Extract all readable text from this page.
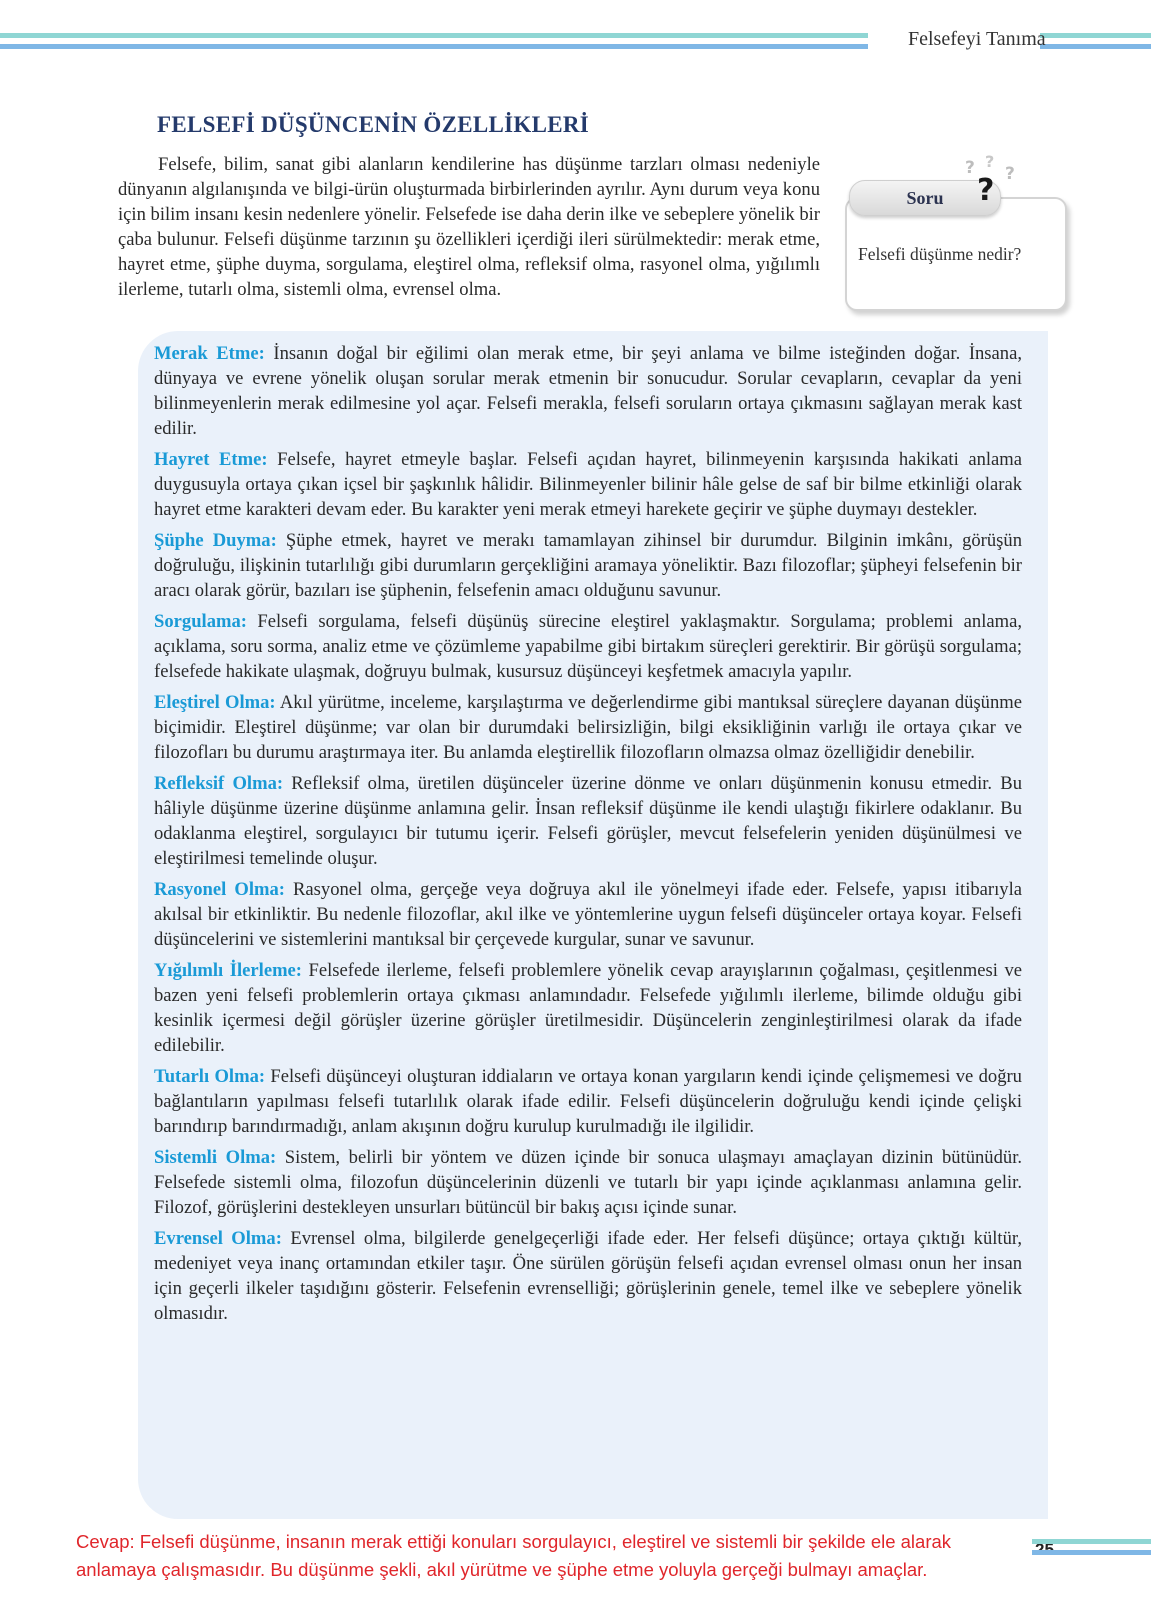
Felsefeyi Tanıma
FELSEFİ DÜŞÜNCENİN ÖZELLİKLERİ

Felsefe, bilim, sanat gibi alanların kendilerine has düşünme tarzları olması nedeniyle dünyanın algılanışında ve bilgi-ürün oluşturmada birbirlerinden ayrılır. Aynı durum veya konu için bilim insanı kesin nedenlere yönelir. Felsefede ise daha derin ilke ve sebeplere yönelik bir çaba bulunur. Felsefi düşünme tarzının şu özellikleri içerdiği ileri sürülmektedir: merak etme, hayret etme, şüphe duyma, sorgulama, eleştirel olma, refleksif olma, rasyonel olma, yığılımlı ilerleme, tutarlı olma, sistemli olma, evrensel olma.

Soru
Felsefi düşünme nedir?
? ?
?
?

Merak Etme: İnsanın doğal bir eğilimi olan merak etme, bir şeyi anlama ve bilme isteğinden doğar. İnsana, dünyaya ve evrene yönelik oluşan sorular merak etmenin bir sonucudur. Sorular cevapların, cevaplar da yeni bilinmeyenlerin merak edilmesine yol açar. Felsefi merakla, felsefi soruların ortaya çıkmasını sağlayan merak kast edilir.

Hayret Etme: Felsefe, hayret etmeyle başlar. Felsefi açıdan hayret, bilinmeyenin karşısında hakikati anlama duygusuyla ortaya çıkan içsel bir şaşkınlık hâlidir. Bilinmeyenler bilinir hâle gelse de saf bir bilme etkinliği olarak hayret etme karakteri devam eder. Bu karakter yeni merak etmeyi harekete geçirir ve şüphe duymayı destekler.

Şüphe Duyma: Şüphe etmek, hayret ve merakı tamamlayan zihinsel bir durumdur. Bilginin imkânı, görüşün doğruluğu, ilişkinin tutarlılığı gibi durumların gerçekliğini aramaya yöneliktir. Bazı filozoflar; şüpheyi felsefenin bir aracı olarak görür, bazıları ise şüphenin, felsefenin amacı olduğunu savunur.

Sorgulama: Felsefi sorgulama, felsefi düşünüş sürecine eleştirel yaklaşmaktır. Sorgulama; problemi anlama, açıklama, soru sorma, analiz etme ve çözümleme yapabilme gibi birtakım süreçleri gerektirir. Bir görüşü sorgulama; felsefede hakikate ulaşmak, doğruyu bulmak, kusursuz düşünceyi keşfetmek amacıyla yapılır.

Eleştirel Olma: Akıl yürütme, inceleme, karşılaştırma ve değerlendirme gibi mantıksal süreçlere dayanan düşünme biçimidir. Eleştirel düşünme; var olan bir durumdaki belirsizliğin, bilgi eksikliğinin varlığı ile ortaya çıkar ve filozofları bu durumu araştırmaya iter. Bu anlamda eleştirellik filozofların olmazsa olmaz özelliğidir denebilir.

Refleksif Olma: Refleksif olma, üretilen düşünceler üzerine dönme ve onları düşünmenin konusu etmedir. Bu hâliyle düşünme üzerine düşünme anlamına gelir. İnsan refleksif düşünme ile kendi ulaştığı fikirlere odaklanır. Bu odaklanma eleştirel, sorgulayıcı bir tutumu içerir. Felsefi görüşler, mevcut felsefelerin yeniden düşünülmesi ve eleştirilmesi temelinde oluşur.

Rasyonel Olma: Rasyonel olma, gerçeğe veya doğruya akıl ile yönelmeyi ifade eder. Felsefe, yapısı itibarıyla akılsal bir etkinliktir. Bu nedenle filozoflar, akıl ilke ve yöntemlerine uygun felsefi düşünceler ortaya koyar. Felsefi düşüncelerini ve sistemlerini mantıksal bir çerçevede kurgular, sunar ve savunur.

Yığılımlı İlerleme: Felsefede ilerleme, felsefi problemlere yönelik cevap arayışlarının çoğalması, çeşitlenmesi ve bazen yeni felsefi problemlerin ortaya çıkması anlamındadır. Felsefede yığılımlı ilerleme, bilimde olduğu gibi kesinlik içermesi değil görüşler üzerine görüşler üretilmesidir. Düşüncelerin zenginleştirilmesi olarak da ifade edilebilir.

Tutarlı Olma: Felsefi düşünceyi oluşturan iddiaların ve ortaya konan yargıların kendi içinde çelişmemesi ve doğru bağlantıların yapılması felsefi tutarlılık olarak ifade edilir. Felsefi düşüncelerin doğruluğu kendi içinde çelişki barındırıp barındırmadığı, anlam akışının doğru kurulup kurulmadığı ile ilgilidir.

Sistemli Olma: Sistem, belirli bir yöntem ve düzen içinde bir sonuca ulaşmayı amaçlayan dizinin bütünüdür. Felsefede sistemli olma, filozofun düşüncelerinin düzenli ve tutarlı bir yapı içinde açıklanması anlamına gelir. Filozof, görüşlerini destekleyen unsurları bütüncül bir bakış açısı içinde sunar.

Evrensel Olma: Evrensel olma, bilgilerde genelgeçerliği ifade eder. Her felsefi düşünce; ortaya çıktığı kültür, medeniyet veya inanç ortamından etkiler taşır. Öne sürülen görüşün felsefi açıdan evrensel olması onun her insan için geçerli ilkeler taşıdığını gösterir. Felsefenin evrenselliği; görüşlerinin genele, temel ilke ve sebeplere yönelik olmasıdır.

Cevap: Felsefi düşünme, insanın merak ettiği konuları sorgulayıcı, eleştirel ve sistemli bir şekilde ele alarak anlamaya çalışmasıdır. Bu düşünme şekli, akıl yürütme ve şüphe etme yoluyla gerçeği bulmayı amaçlar.
